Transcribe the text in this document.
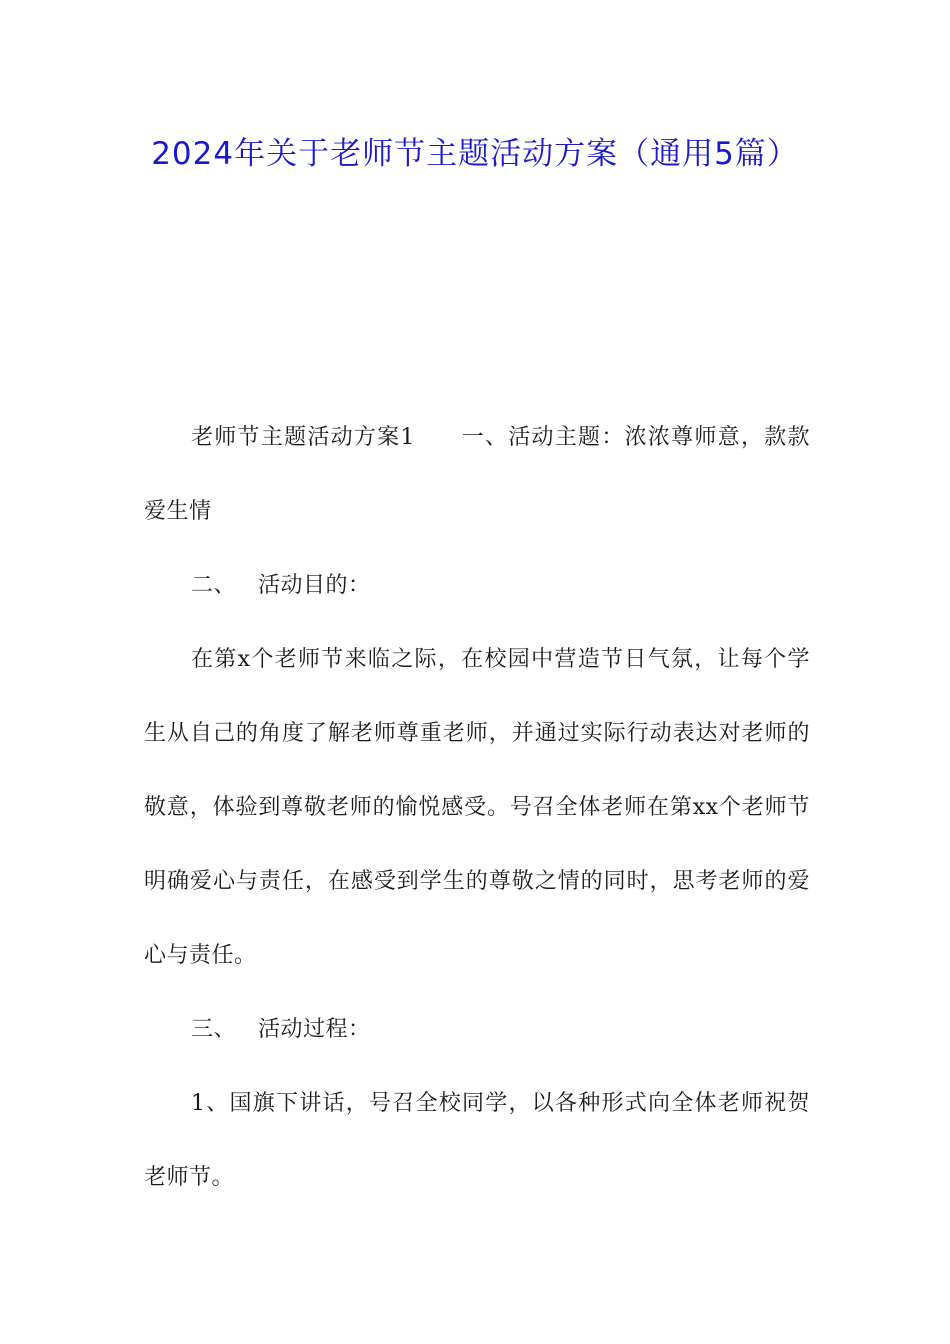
2024年关于老师节主题活动方案（通用5篇）

老师节主题活动方案1 一、活动主题：浓浓尊师意，款款爱生情

二、 活动目的：

在第x个老师节来临之际，在校园中营造节日气氛，让每个学生从自己的角度了解老师尊重老师，并通过实际行动表达对老师的敬意，体验到尊敬老师的愉悦感受。号召全体老师在第xx个老师节明确爱心与责任，在感受到学生的尊敬之情的同时，思考老师的爱心与责任。

三、 活动过程：

1、国旗下讲话，号召全校同学，以各种形式向全体老师祝贺老师节。
